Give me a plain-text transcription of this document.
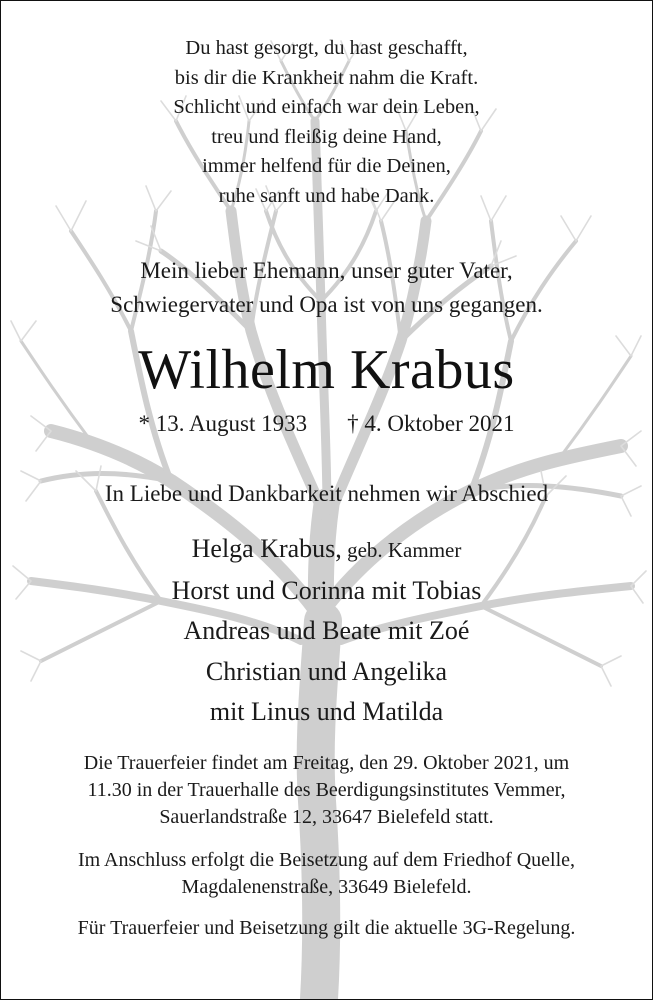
Du hast gesorgt, du hast geschafft,
bis dir die Krankheit nahm die Kraft.
Schlicht und einfach war dein Leben,
treu und fleißig deine Hand,
immer helfend für die Deinen,
ruhe sanft und habe Dank.
Mein lieber Ehemann, unser guter Vater,
Schwiegervater und Opa ist von uns gegangen.
Wilhelm Krabus
* 13. August 1933 † 4. Oktober 2021
In Liebe und Dankbarkeit nehmen wir Abschied
Helga Krabus, geb. Kammer
Horst und Corinna mit Tobias
Andreas und Beate mit Zoé
Christian und Angelika
mit Linus und Matilda
Die Trauerfeier findet am Freitag, den 29. Oktober 2021, um
11.30 in der Trauerhalle des Beerdigungsinstitutes Vemmer,
Sauerlandstraße 12, 33647 Bielefeld statt.
Im Anschluss erfolgt die Beisetzung auf dem Friedhof Quelle,
Magdalenenstraße, 33649 Bielefeld.
Für Trauerfeier und Beisetzung gilt die aktuelle 3G-Regelung.
